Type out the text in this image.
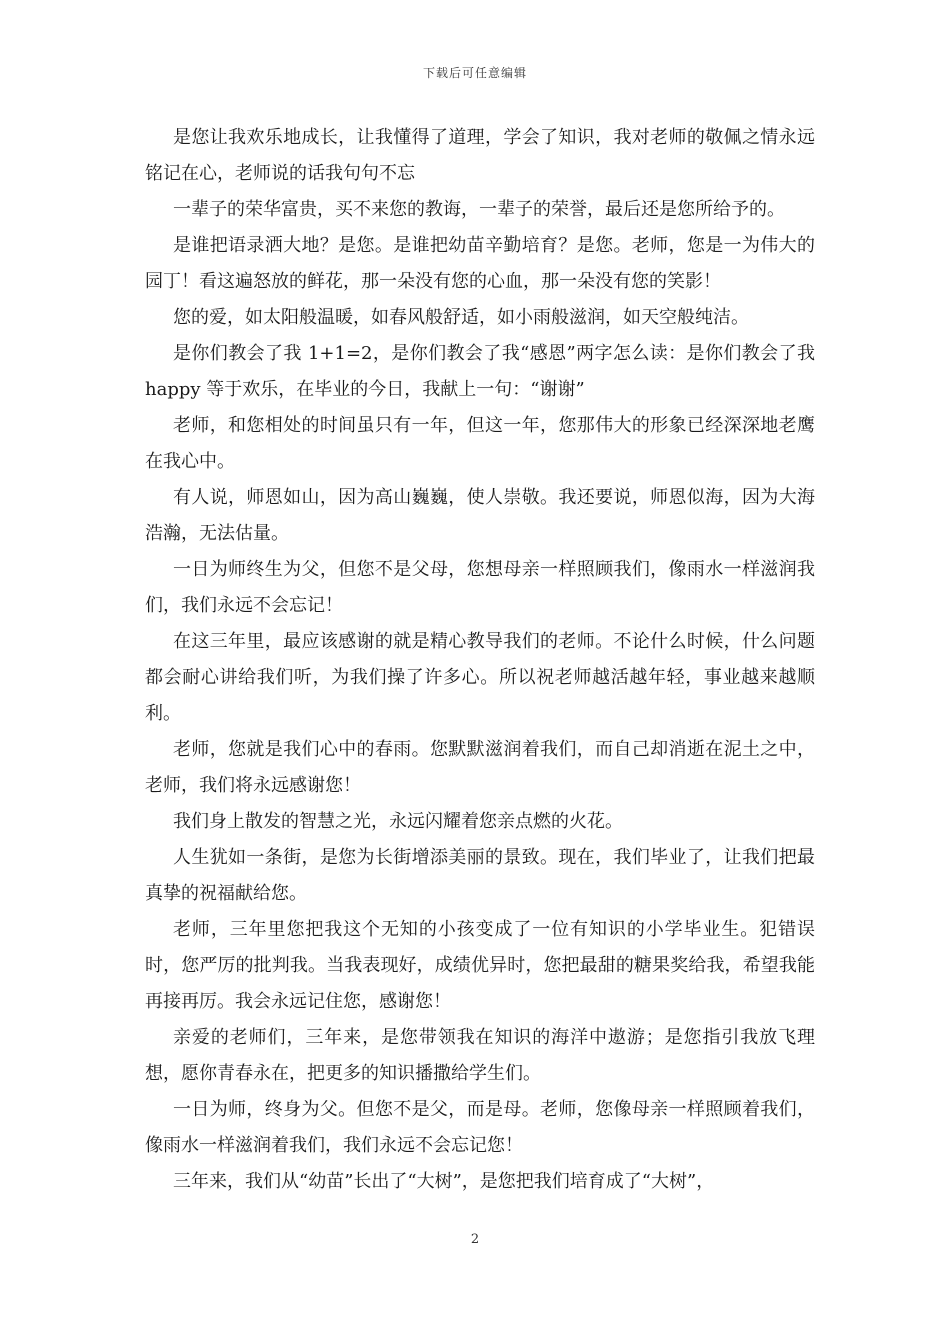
下载后可任意编辑

是您让我欢乐地成长，让我懂得了道理，学会了知识，我对老师的敬佩之情永远铭记在心，老师说的话我句句不忘

一辈子的荣华富贵，买不来您的教诲，一辈子的荣誉，最后还是您所给予的。

是谁把语录洒大地？是您。是谁把幼苗辛勤培育？是您。老师，您是一为伟大的园丁！看这遍怒放的鲜花，那一朵没有您的心血，那一朵没有您的笑影！

您的爱，如太阳般温暖，如春风般舒适，如小雨般滋润，如天空般纯洁。

是你们教会了我 1+1=2，是你们教会了我“感恩”两字怎么读：是你们教会了我 happy 等于欢乐，在毕业的今日，我献上一句：“谢谢”

老师，和您相处的时间虽只有一年，但这一年，您那伟大的形象已经深深地老鹰在我心中。

有人说，师恩如山，因为高山巍巍，使人崇敬。我还要说，师恩似海，因为大海浩瀚，无法估量。

一日为师终生为父，但您不是父母，您想母亲一样照顾我们，像雨水一样滋润我们，我们永远不会忘记！

在这三年里，最应该感谢的就是精心教导我们的老师。不论什么时候，什么问题都会耐心讲给我们听，为我们操了许多心。所以祝老师越活越年轻，事业越来越顺利。

老师，您就是我们心中的春雨。您默默滋润着我们，而自己却消逝在泥土之中，老师，我们将永远感谢您！

我们身上散发的智慧之光，永远闪耀着您亲点燃的火花。

人生犹如一条街，是您为长街增添美丽的景致。现在，我们毕业了，让我们把最真挚的祝福献给您。

老师，三年里您把我这个无知的小孩变成了一位有知识的小学毕业生。犯错误时，您严厉的批判我。当我表现好，成绩优异时，您把最甜的糖果奖给我，希望我能再接再厉。我会永远记住您，感谢您！

亲爱的老师们，三年来，是您带领我在知识的海洋中遨游；是您指引我放飞理想，愿你青春永在，把更多的知识播撒给学生们。

一日为师，终身为父。但您不是父，而是母。老师，您像母亲一样照顾着我们，像雨水一样滋润着我们，我们永远不会忘记您！

三年来，我们从“幼苗”长出了“大树”，是您把我们培育成了“大树”，

2
